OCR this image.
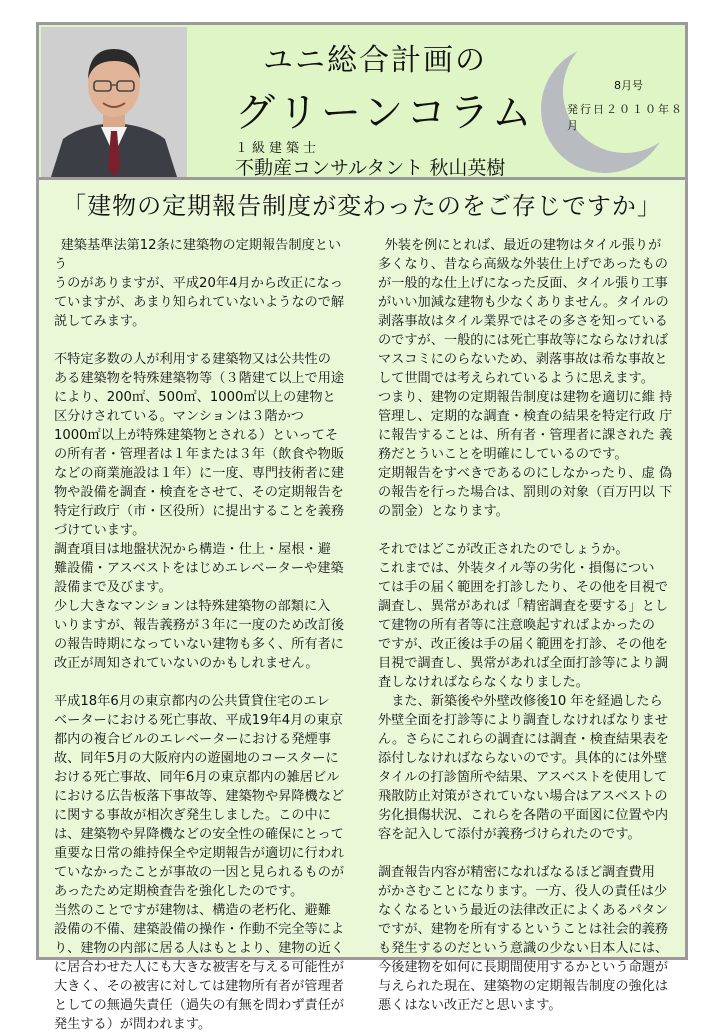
ユニ総合計画の
グリーンコラム
１級建築士
不動産コンサルタント 秋山英樹
8月号
発行日２０１０年８月
「建物の定期報告制度が変わったのをご存じですか」

建築基準法第12条に建築物の定期報告制度という
うのがありますが、平成20年4月から改正になっ
ていますが、あまり知られていないようなので解
説してみます。

不特定多数の人が利用する建築物又は公共性の
ある建築物を特殊建築物等（３階建て以上で用途
により、200㎡、500㎡、1000㎡以上の建物と
区分けされている。マンションは３階かつ
1000㎡以上が特殊建築物とされる）といってそ
の所有者・管理者は１年または３年（飲食や物販
などの商業施設は１年）に一度、専門技術者に建
物や設備を調査・検査をさせて、その定期報告を
特定行政庁（市・区役所）に提出することを義務
づけています。

調査項目は地盤状況から構造・仕上・屋根・避
難設備・アスベストをはじめエレベーターや建築
設備まで及びます。

少し大きなマンションは特殊建築物の部類に入
いりますが、報告義務が３年に一度のため改訂後
の報告時期になっていない建物も多く、所有者に
改正が周知されていないのかもしれません。

平成18年6月の東京都内の公共賃貸住宅のエレ
ベーターにおける死亡事故、平成19年4月の東京
都内の複合ビルのエレベーターにおける発煙事
故、同年5月の大阪府内の遊園地のコースターに
おける死亡事故、同年6月の東京都内の雑居ビル
における広告板落下事故等、建築物や昇降機など
に関する事故が相次ぎ発生しました。この中に
は、建築物や昇降機などの安全性の確保にとって
重要な日常の維持保全や定期報告が適切に行われ
ていなかったことが事故の一因と見られるものが
あったため定期検査告を強化したのです。

当然のことですが建物は、構造の老朽化、避難
設備の不備、建築設備の操作・作動不完全等によ
り、建物の内部に居る人はもとより、建物の近く
に居合わせた人にも大きな被害を与える可能性が
大きく、その被害に対しては建物所有者が管理者
としての無過失責任（過失の有無を問わず責任が
発生する）が問われます。

外装を例にとれば、最近の建物はタイル張りが
多くなり、昔なら高級な外装仕上げであったもの
が一般的な仕上げになった反面、タイル張り工事
がいい加減な建物も少なくありません。タイルの
剥落事故はタイル業界ではその多さを知っている
のですが、一般的には死亡事故等にならなければ
マスコミにのらないため、剥落事故は希な事故と
して世間では考えられているように思えます。

つまり、建物の定期報告制度は建物を適切に維 持
管理し、定期的な調査・検査の結果を特定行政 庁
に報告することは、所有者・管理者に課された 義
務だとういことを明確にしているのです。

定期報告をすべきであるのにしなかったり、虚 偽
の報告を行った場合は、罰則の対象（百万円以 下
の罰金）となります。

それではどこが改正されたのでしょうか。

これまでは、外装タイル等の劣化・損傷につい
ては手の届く範囲を打診したり、その他を目視で
調査し、異常があれば「精密調査を要する」とし
て建物の所有者等に注意喚起すればよかったの
ですが、改正後は手の届く範囲を打診、その他を
目視で調査し、異常があれば全面打診等により調
査しなければならなくなりました。

また、新築後や外壁改修後10 年を経過したら
外壁全面を打診等により調査しなければなりませ
ん。さらにこれらの調査には調査・検査結果表を
添付しなければならないのです。具体的には外壁
タイルの打診箇所や結果、アスベストを使用して
飛散防止対策がされていない場合はアスベストの
劣化損傷状況、これらを各階の平面図に位置や内
容を記入して添付が義務づけられたのです。

調査報告内容が精密になればなるほど調査費用
がかさむことになります。一方、役人の責任は少
なくなるという最近の法律改正によくあるパタン
ですが、建物を所有するということは社会的義務
も発生するのだという意識の少ない日本人には、
今後建物を如何に長期間使用するかという命題が
与えられた現在、建築物の定期報告制度の強化は
悪くはない改正だと思います。
